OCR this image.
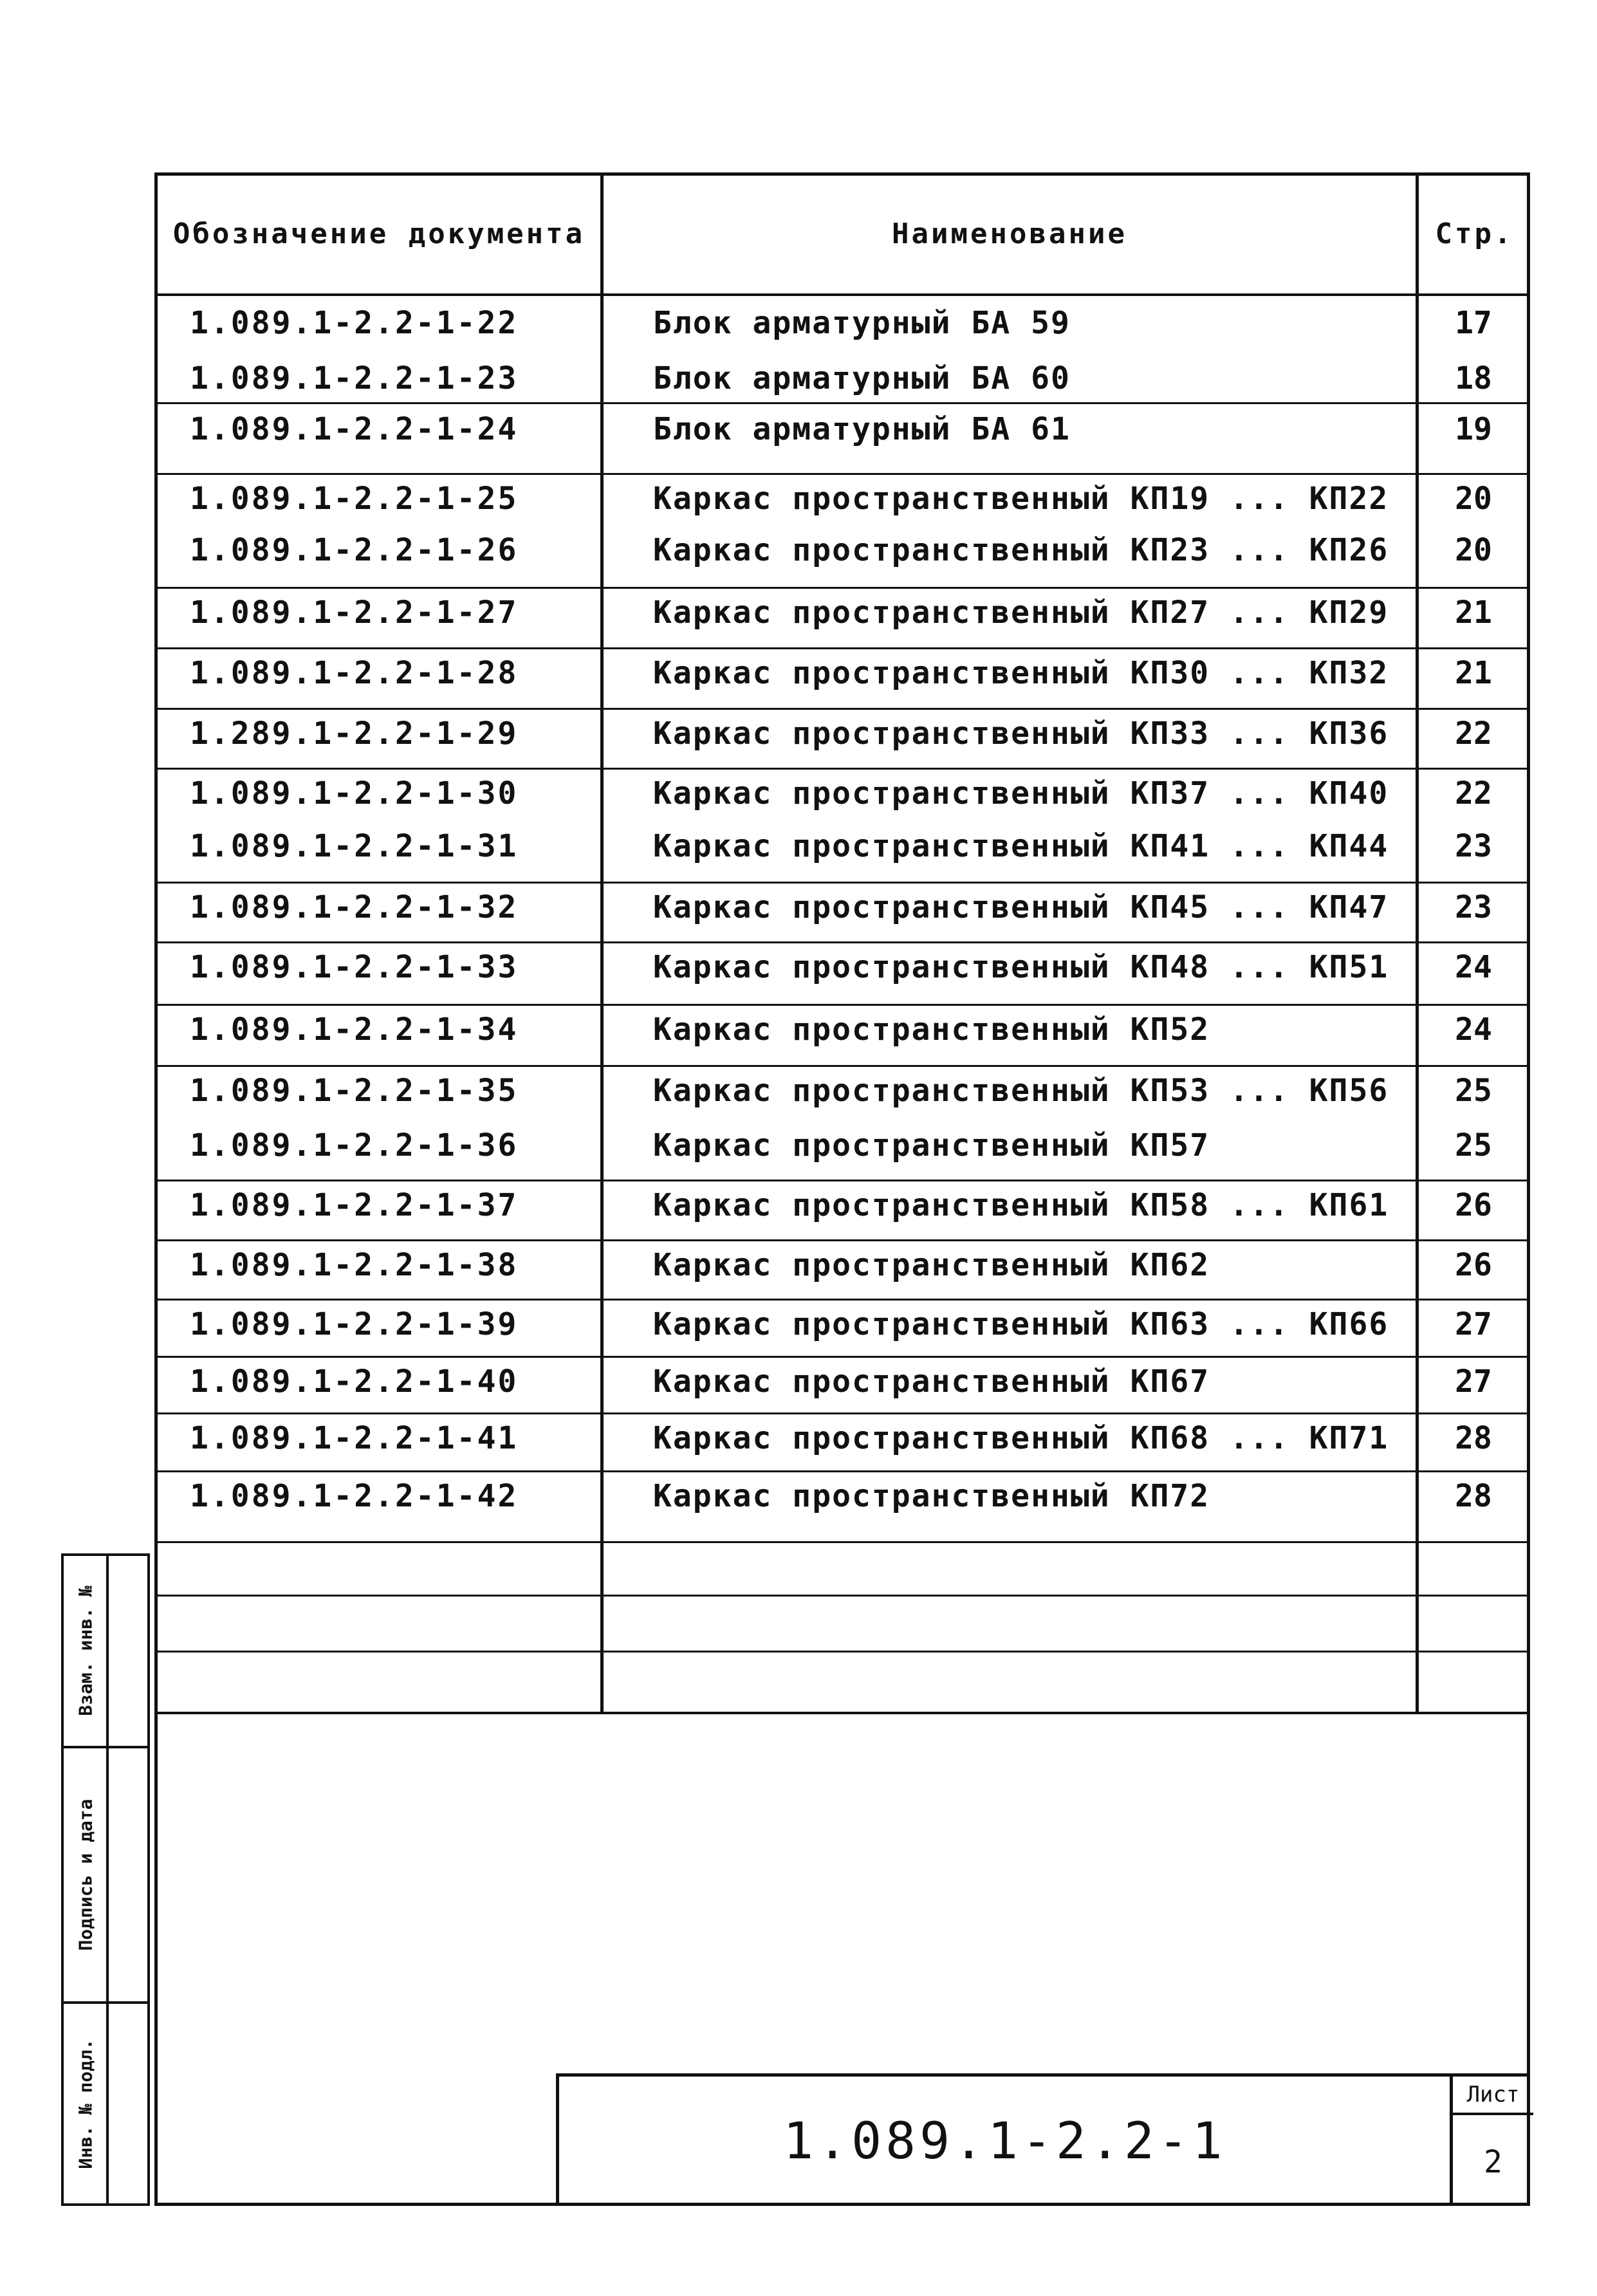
Обозначение документа	Наименование	Стр.
1.089.1-2.2-1-22	Блок арматурный БА 59	17
1.089.1-2.2-1-23	Блок арматурный БА 60	18
1.089.1-2.2-1-24	Блок арматурный БА 61	19
1.089.1-2.2-1-25	Каркас пространственный КП19 ... КП22	20
1.089.1-2.2-1-26	Каркас пространственный КП23 ... КП26	20
1.089.1-2.2-1-27	Каркас пространственный КП27 ... КП29	21
1.089.1-2.2-1-28	Каркас пространственный КП30 ... КП32	21
1.289.1-2.2-1-29	Каркас пространственный КП33 ... КП36	22
1.089.1-2.2-1-30	Каркас пространственный КП37 ... КП40	22
1.089.1-2.2-1-31	Каркас пространственный КП41 ... КП44	23
1.089.1-2.2-1-32	Каркас пространственный КП45 ... КП47	23
1.089.1-2.2-1-33	Каркас пространственный КП48 ... КП51	24
1.089.1-2.2-1-34	Каркас пространственный КП52	24
1.089.1-2.2-1-35	Каркас пространственный КП53 ... КП56	25
1.089.1-2.2-1-36	Каркас пространственный КП57	25
1.089.1-2.2-1-37	Каркас пространственный КП58 ... КП61	26
1.089.1-2.2-1-38	Каркас пространственный КП62	26
1.089.1-2.2-1-39	Каркас пространственный КП63 ... КП66	27
1.089.1-2.2-1-40	Каркас пространственный КП67	27
1.089.1-2.2-1-41	Каркас пространственный КП68 ... КП71	28
1.089.1-2.2-1-42	Каркас пространственный КП72	28
Взам. инв. №
Подпись и дата
Инв. № подл.	1.089.1-2.2-1
Лист
2
